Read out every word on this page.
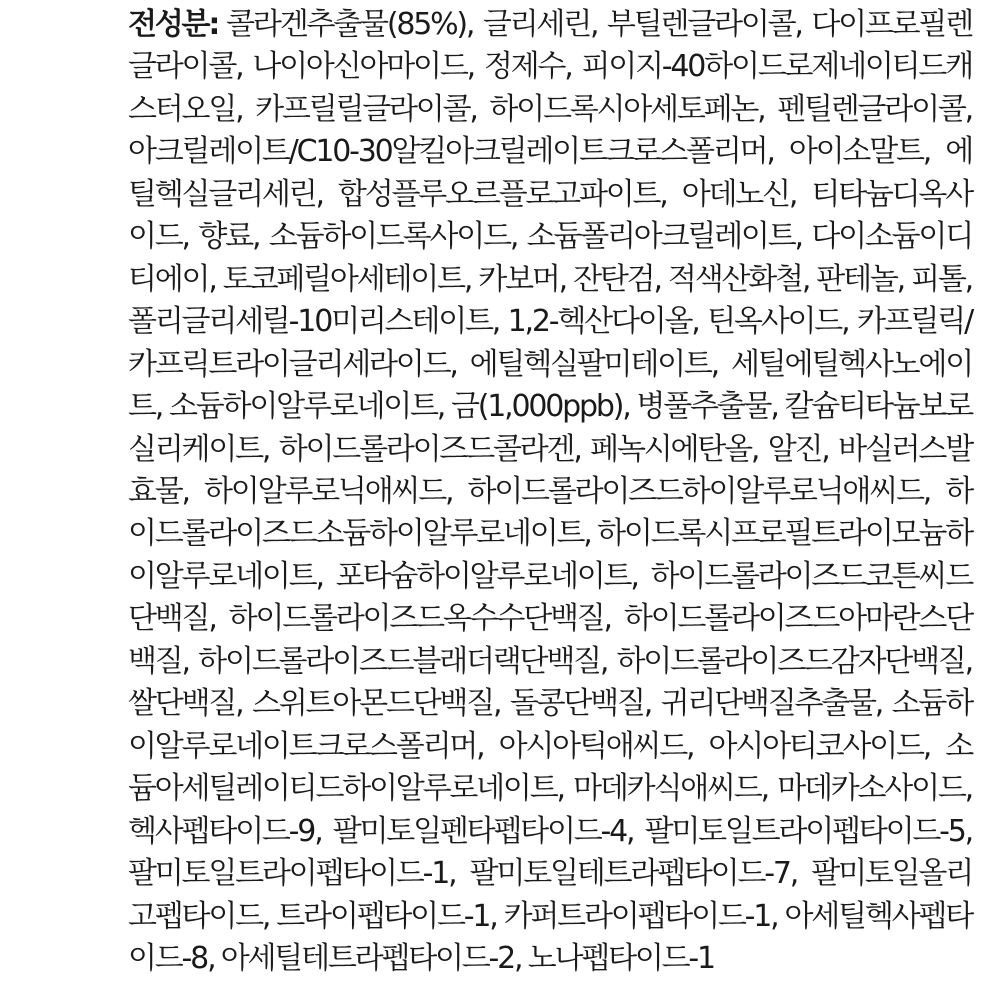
전성분: 콜라겐추출물(85%), 글리세린, 부틸렌글라이콜, 다이프로필렌글라이콜, 나이아신아마이드, 정제수, 피이지-40하이드로제네이티드캐스터오일, 카프릴릴글라이콜, 하이드록시아세토페논, 펜틸렌글라이콜, 아크릴레이트/C10-30알킬아크릴레이트크로스폴리머, 아이소말트, 에틸헥실글리세린, 합성플루오르플로고파이트, 아데노신, 티타늄디옥사이드, 향료, 소듐하이드록사이드, 소듐폴리아크릴레이트, 다이소듐이디티에이, 토코페릴아세테이트, 카보머, 잔탄검, 적색산화철, 판테놀, 피톨, 폴리글리세릴-10미리스테이트, 1,2-헥산다이올, 틴옥사이드, 카프릴릭/카프릭트라이글리세라이드, 에틸헥실팔미테이트, 세틸에틸헥사노에이트, 소듐하이알루로네이트, 금(1,000ppb), 병풀추출물, 칼슘티타늄보로실리케이트, 하이드롤라이즈드콜라겐, 페녹시에탄올, 알진, 바실러스발효물, 하이알루로닉애씨드, 하이드롤라이즈드하이알루로닉애씨드, 하이드롤라이즈드소듐하이알루로네이트, 하이드록시프로필트라이모늄하이알루로네이트, 포타슘하이알루로네이트, 하이드롤라이즈드코튼씨드단백질, 하이드롤라이즈드옥수수단백질, 하이드롤라이즈드아마란스단백질, 하이드롤라이즈드블래더랙단백질, 하이드롤라이즈드감자단백질, 쌀단백질, 스위트아몬드단백질, 돌콩단백질, 귀리단백질추출물, 소듐하이알루로네이트크로스폴리머, 아시아틱애씨드, 아시아티코사이드, 소듐아세틸레이티드하이알루로네이트, 마데카식애씨드, 마데카소사이드, 헥사펩타이드-9, 팔미토일펜타펩타이드-4, 팔미토일트라이펩타이드-5, 팔미토일트라이펩타이드-1, 팔미토일테트라펩타이드-7, 팔미토일올리고펩타이드, 트라이펩타이드-1, 카퍼트라이펩타이드-1, 아세틸헥사펩타이드-8, 아세틸테트라펩타이드-2, 노나펩타이드-1
